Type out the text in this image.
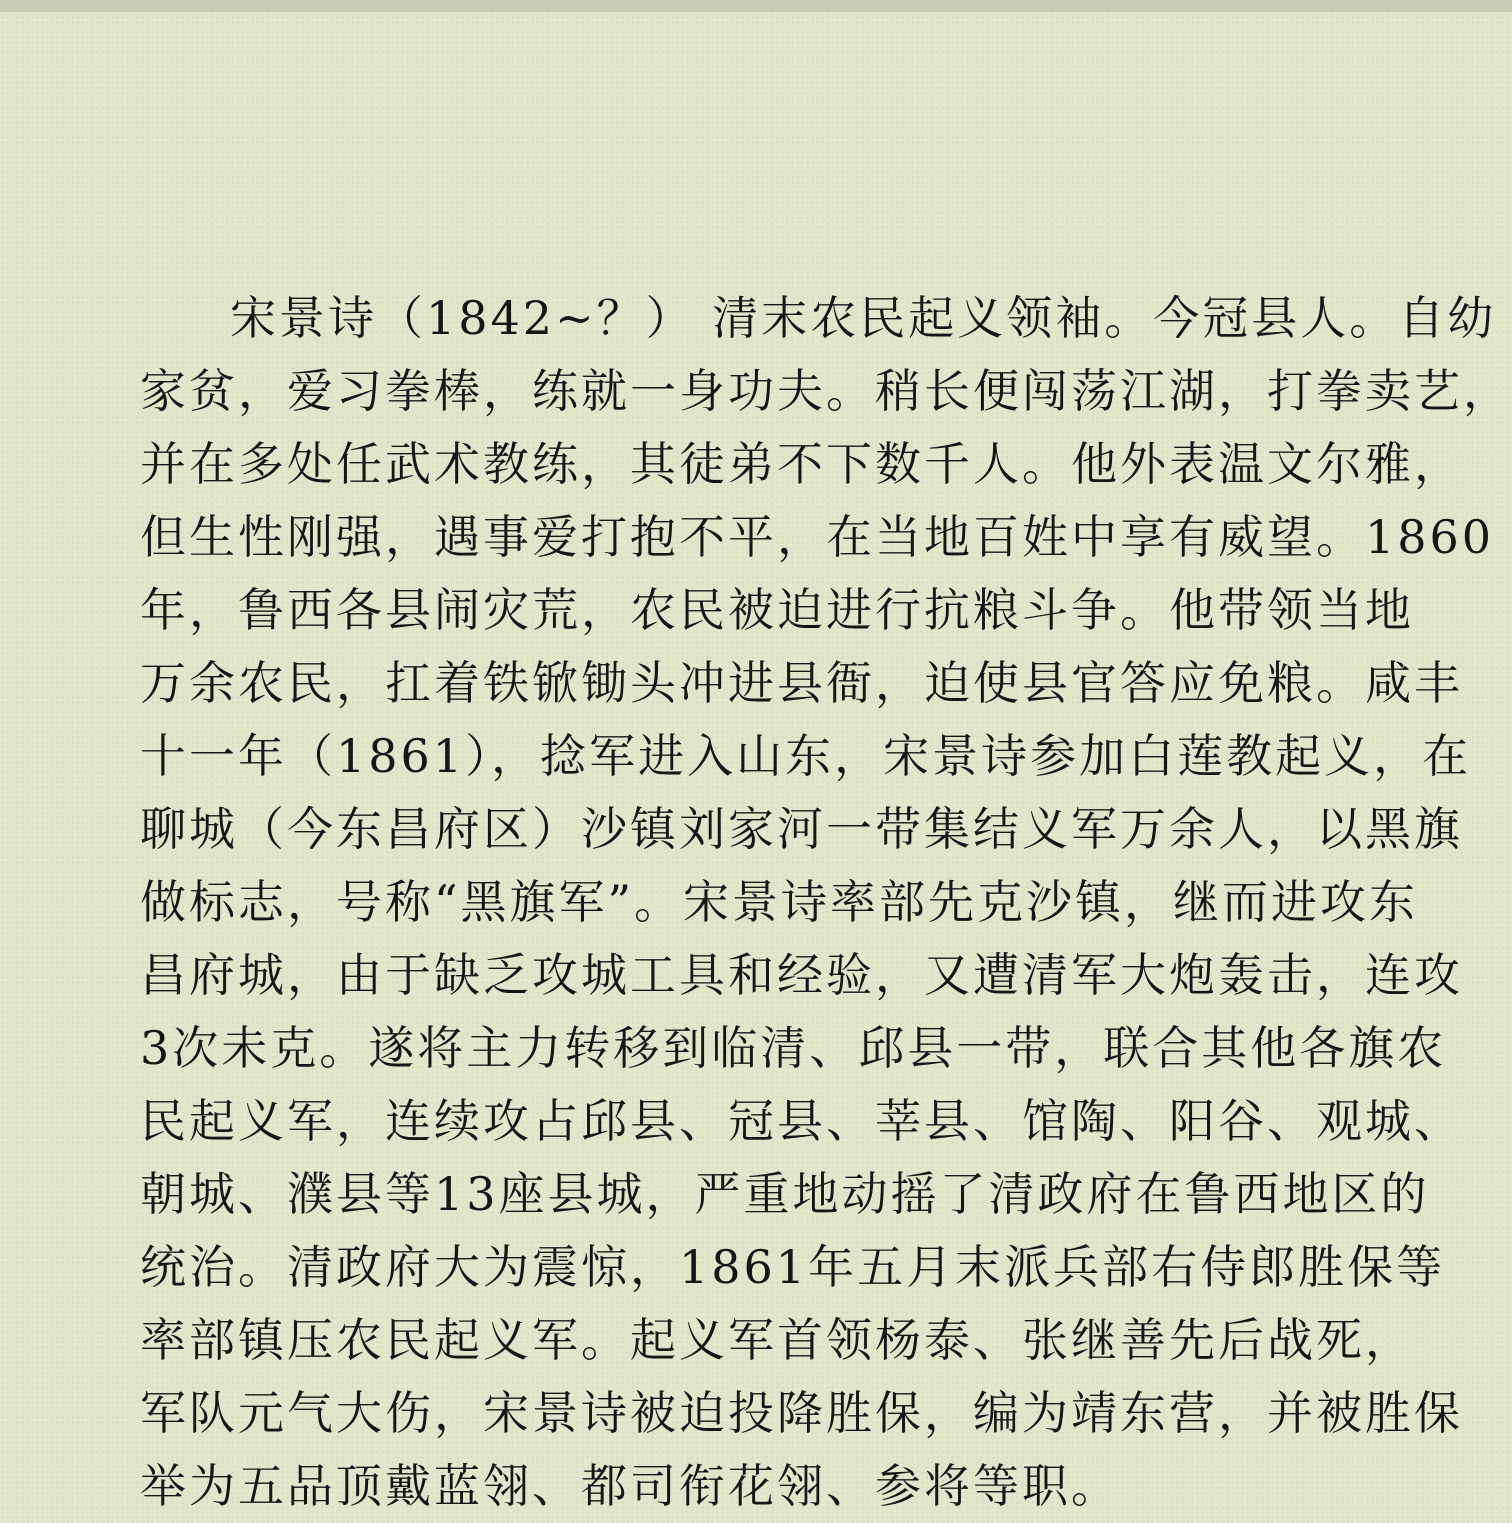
宋景诗（1842~？） 清末农民起义领袖。今冠县人。自幼
家贫，爱习拳棒，练就一身功夫。稍长便闯荡江湖，打拳卖艺，
并在多处任武术教练，其徒弟不下数千人。他外表温文尔雅，
但生性刚强，遇事爱打抱不平，在当地百姓中享有威望。1860
年，鲁西各县闹灾荒，农民被迫进行抗粮斗争。他带领当地
万余农民，扛着铁锨锄头冲进县衙，迫使县官答应免粮。咸丰
十一年（1861），捻军进入山东，宋景诗参加白莲教起义，在
聊城（今东昌府区）沙镇刘家河一带集结义军万余人，以黑旗
做标志，号称“黑旗军”。宋景诗率部先克沙镇，继而进攻东
昌府城，由于缺乏攻城工具和经验，又遭清军大炮轰击，连攻
3次未克。遂将主力转移到临清、邱县一带，联合其他各旗农
民起义军，连续攻占邱县、冠县、莘县、馆陶、阳谷、观城、
朝城、濮县等13座县城，严重地动摇了清政府在鲁西地区的
统治。清政府大为震惊，1861年五月末派兵部右侍郎胜保等
率部镇压农民起义军。起义军首领杨泰、张继善先后战死，
军队元气大伤，宋景诗被迫投降胜保，编为靖东营，并被胜保
举为五品顶戴蓝翎、都司衔花翎、参将等职。
